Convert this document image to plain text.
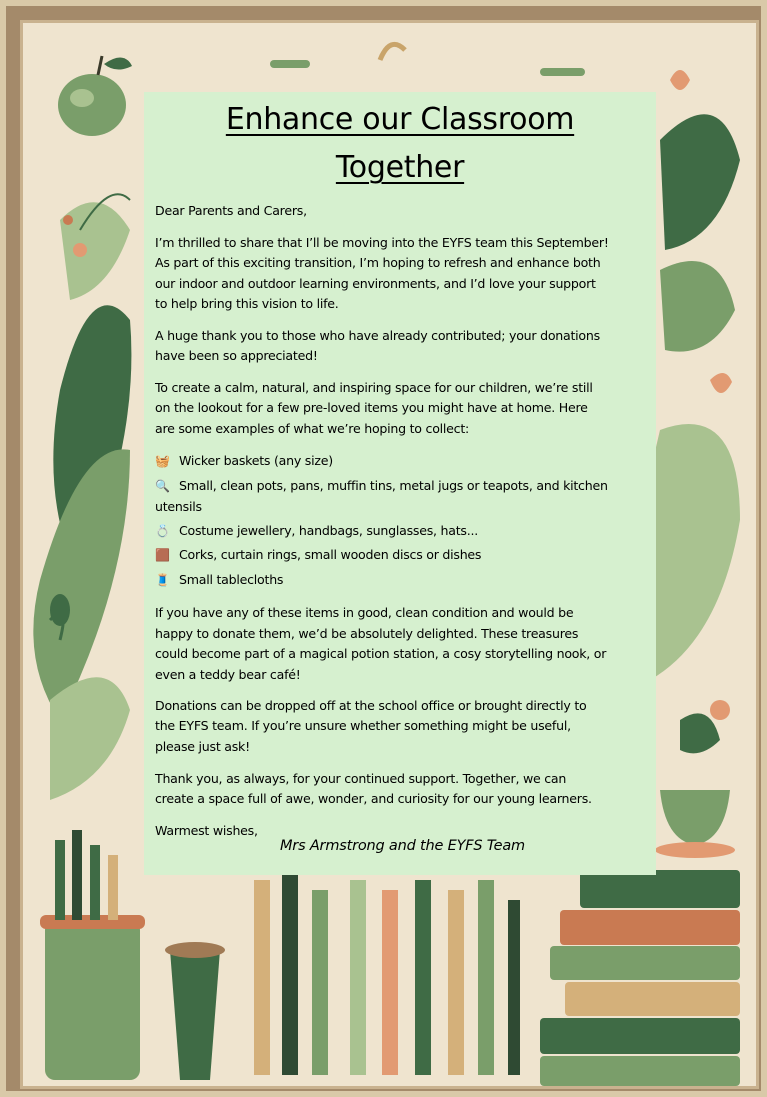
Enhance our Classroom
Together
Dear Parents and Carers,
I’m thrilled to share that I’ll be moving into the EYFS team this September!
As part of this exciting transition, I’m hoping to refresh and enhance both
our indoor and outdoor learning environments, and I’d love your support
to help bring this vision to life.
A huge thank you to those who have already contributed; your donations
have been so appreciated!
To create a calm, natural, and inspiring space for our children, we’re still
on the lookout for a few pre-loved items you might have at home. Here
are some examples of what we’re hoping to collect:
🧺 Wicker baskets (any size)
🔍 Small, clean pots, pans, muffin tins, metal jugs or teapots, and kitchen
utensils
💍 Costume jewellery, handbags, sunglasses, hats...
🟫 Corks, curtain rings, small wooden discs or dishes
🧵 Small tablecloths
If you have any of these items in good, clean condition and would be
happy to donate them, we’d be absolutely delighted. These treasures
could become part of a magical potion station, a cosy storytelling nook, or
even a teddy bear café!
Donations can be dropped off at the school office or brought directly to
the EYFS team. If you’re unsure whether something might be useful,
please just ask!
Thank you, as always, for your continued support. Together, we can
create a space full of awe, wonder, and curiosity for our young learners.
Warmest wishes,
Mrs Armstrong and the EYFS Team
